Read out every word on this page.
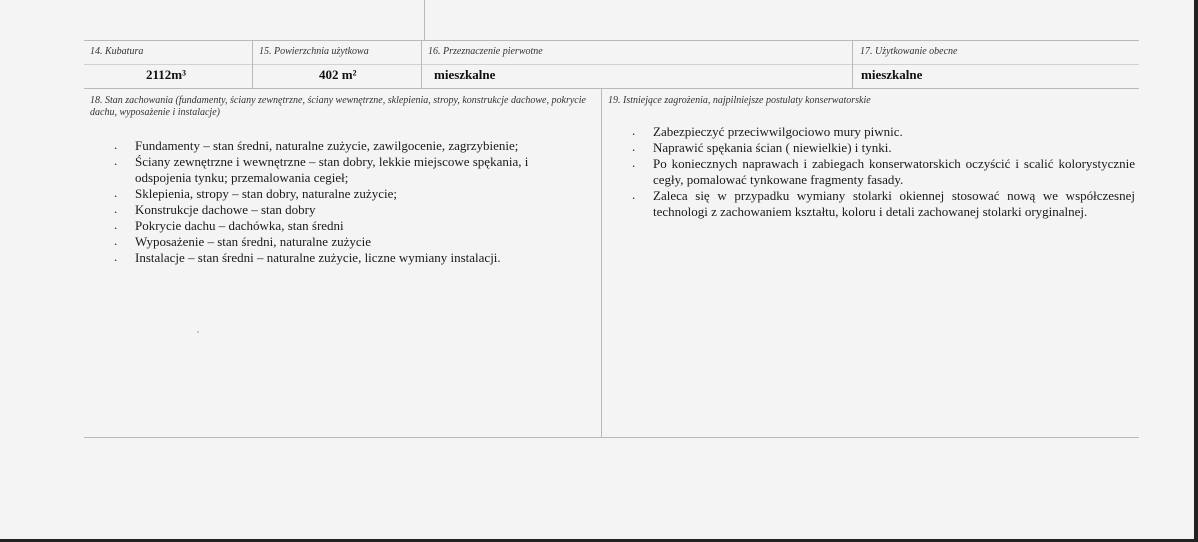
14. Kubatura
2112m³
15. Powierzchnia użytkowa
402 m²
16. Przeznaczenie pierwotne
mieszkalne
17. Użytkowanie obecne
mieszkalne
18. Stan zachowania (fundamenty, ściany zewnętrzne, ściany wewnętrzne, sklepienia, stropy, konstrukcje dachowe, pokrycie dachu, wyposażenie i instalacje)
. Fundamenty – stan średni, naturalne zużycie, zawilgocenie, zagrzybienie;
. Ściany zewnętrzne i wewnętrzne – stan dobry, lekkie miejscowe spękania, i odspojenia tynku; przemalowania cegieł;
. Sklepienia, stropy – stan dobry, naturalne zużycie;
. Konstrukcje dachowe – stan dobry
. Pokrycie dachu – dachówka, stan średni
. Wyposażenie – stan średni, naturalne zużycie
. Instalacje – stan średni – naturalne zużycie, liczne wymiany instalacji.
19. Istniejące zagrożenia, najpilniejsze postulaty konserwatorskie
. Zabezpieczyć przeciwwilgociowo mury piwnic.
. Naprawić spękania ścian ( niewielkie) i tynki.
. Po koniecznych naprawach i zabiegach konserwatorskich oczyścić i scalić kolorystycznie cegły, pomalować tynkowane fragmenty fasady.
. Zaleca się w przypadku wymiany stolarki okiennej stosować nową we współczesnej technologi z zachowaniem kształtu, koloru i detali zachowanej stolarki oryginalnej.
